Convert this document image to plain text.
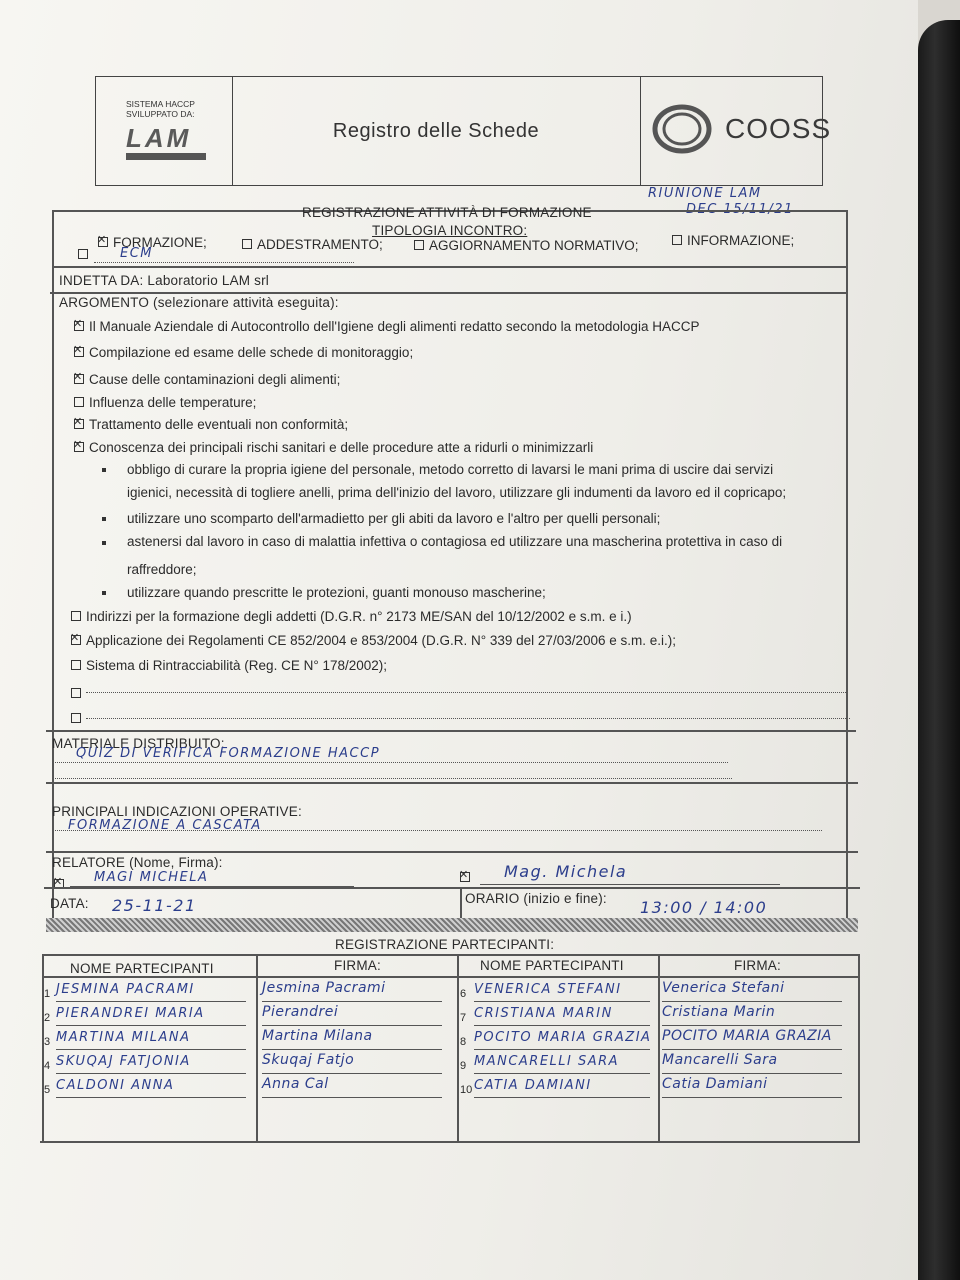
SISTEMA HACCP
SVILUPPATO DA:
LAM	Registro delle Schede	COOSS
RIUNIONE LAM
REGISTRAZIONE ATTIVITÀ DI FORMAZIONE
TIPOLOGIA INCONTRO:
✕FORMAZIONE;	ADDESTRAMENTO;	AGGIORNAMENTO NORMATIVO;	INFORMAZIONE;
ECM
INDETTA DA: Laboratorio LAM srl
ARGOMENTO (selezionare attività eseguita):
✕Il Manuale Aziendale di Autocontrollo dell'Igiene degli alimenti redatto secondo la metodologia HACCP
✕Compilazione ed esame delle schede di monitoraggio;
✕Cause delle contaminazioni degli alimenti;
Influenza delle temperature;
✕Trattamento delle eventuali non conformità;
✕Conoscenza dei principali rischi sanitari e delle procedure atte a ridurli o minimizzarli
obbligo di curare la propria igiene del personale, metodo corretto di lavarsi le mani prima di uscire dai servizi
igienici, necessità di togliere anelli, prima dell'inizio del lavoro, utilizzare gli indumenti da lavoro ed il copricapo;
utilizzare uno scomparto dell'armadietto per gli abiti da lavoro e l'altro per quelli personali;
astenersi dal lavoro in caso di malattia infettiva o contagiosa ed utilizzare una mascherina protettiva in caso di
raffreddore;
utilizzare quando prescritte le protezioni, guanti monouso mascherine;
Indirizzi per la formazione degli addetti (D.G.R. n° 2173 ME/SAN del 10/12/2002 e s.m. e i.)
✕Applicazione dei Regolamenti CE 852/2004 e 853/2004 (D.G.R. N° 339 del 27/03/2006 e s.m. e.i.);
Sistema di Rintracciabilità (Reg. CE N° 178/2002);
MATERIALE DISTRIBUITO:
QUIZ DI VERIFICA FORMAZIONE HACCP
PRINCIPALI INDICAZIONI OPERATIVE:
FORMAZIONE A CASCATA
RELATORE (Nome, Firma):
✕
MAGI MICHELA
✕	Mag. Michela
DATA: 25-11-21	ORARIO (inizio e fine): 13:00 / 14:00
REGISTRAZIONE PARTECIPANTI:
NOME PARTECIPANTI	FIRMA:	NOME PARTECIPANTI	FIRMA:
1 JESMINA PACRAMI	Jesmina Pacrami
2 PIERANDREI MARIA	Pierandrei
3 MARTINA MILANA	Martina Milana
4 SKUQAJ FATJONIA	Skuqaj Fatjo
5 CALDONI ANNA	Anna Cal
6 VENERICA STEFANI	Venerica Stefani
7 CRISTIANA MARIN	Cristiana Marin
8 POCITO MARIA GRAZIA POCITO MARIA GRAZIA
9 MANCARELLI SARA	Mancarelli Sara
10 CATIA DAMIANI	Catia Damiani
